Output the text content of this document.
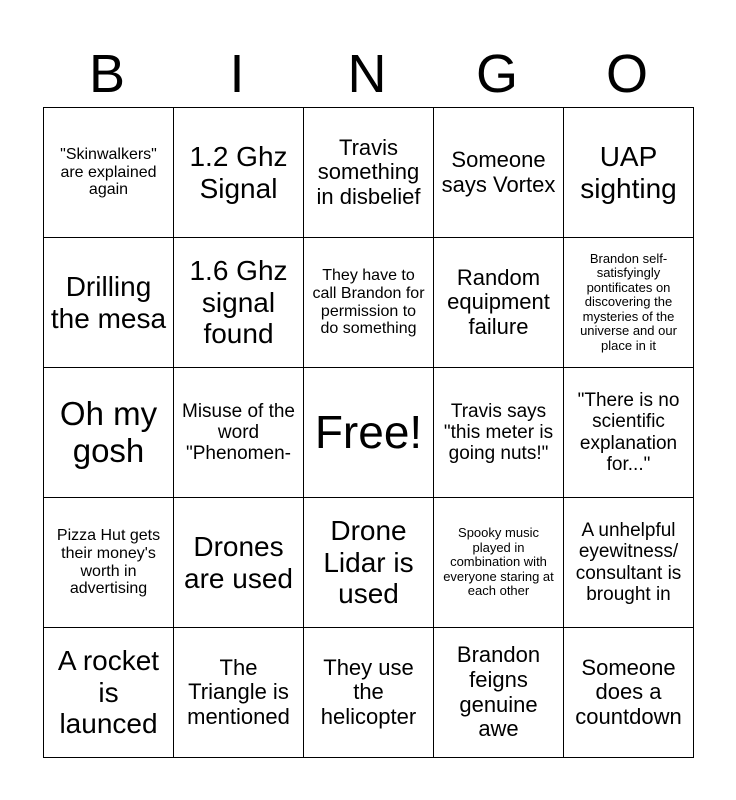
B	I	N	G	O
"Skinwalkers" are explained again	1.2 Ghz Signal	Travis something in disbelief	Someone says Vortex	UAP sighting
Drilling the mesa	1.6 Ghz signal found	They have to call Brandon for permission to do something	Random equipment failure	Brandon self-satisfyingly pontificates on discovering the mysteries of the universe and our place in it
Oh my gosh	Misuse of the word "Phenomen-	Free!	Travis says "this meter is going nuts!"	"There is no scientific explanation for..."
Pizza Hut gets their money's worth in advertising	Drones are used	Drone Lidar is used	Spooky music played in combination with everyone staring at each other	A unhelpful eyewitness/ consultant is brought in
A rocket is launced	The Triangle is mentioned	They use the helicopter	Brandon feigns genuine awe	Someone does a countdown
